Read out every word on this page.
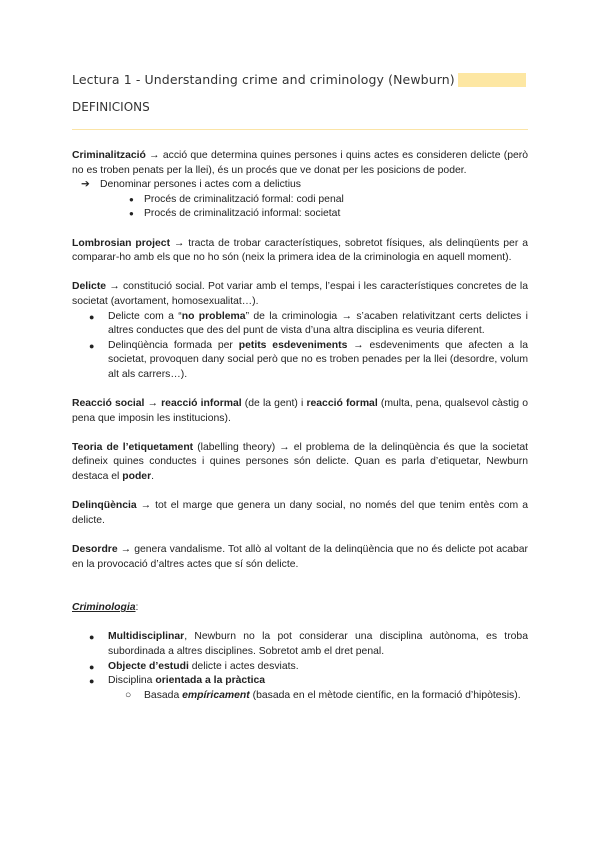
Lectura 1 - Understanding crime and criminology (Newburn)
DEFINICIONS

Criminalització → acció que determina quines persones i quins actes es consideren delicte (però no es troben penats per la llei), és un procés que ve donat per les posicions de poder.

➔ Denominar persones i actes com a delictius
● Procés de criminalització formal: codi penal
● Procés de criminalització informal: societat

Lombrosian project → tracta de trobar característiques, sobretot físiques, als delinqüents per a comparar-ho amb els que no ho són (neix la primera idea de la criminologia en aquell moment).

Delicte → constitució social. Pot variar amb el temps, l’espai i les característiques concretes de la societat (avortament, homosexualitat…).

●	Delicte com a “no problema” de la criminologia → s’acaben relativitzant certs delictes i altres conductes que des del punt de vista d’una altra disciplina es veuria diferent.
●	Delinqüència formada per petits esdeveniments → esdeveniments que afecten a la societat, provoquen dany social però que no es troben penades per la llei (desordre, volum alt als carrers…).

Reacció social → reacció informal (de la gent) i reacció formal (multa, pena, qualsevol càstig o pena que imposin les institucions).

Teoria de l’etiquetament (labelling theory) → el problema de la delinqüència és que la societat defineix quines conductes i quines persones són delicte. Quan es parla d’etiquetar, Newburn destaca el poder.

Delinqüència → tot el marge que genera un dany social, no només del que tenim entès com a delicte.

Desordre → genera vandalisme. Tot allò al voltant de la delinqüència que no és delicte pot acabar en la provocació d’altres actes que sí són delicte.

Criminologia:

●	Multidisciplinar, Newburn no la pot considerar una disciplina autònoma, es troba subordinada a altres disciplines. Sobretot amb el dret penal.
●	Objecte d’estudi delicte i actes desviats.
●	Disciplina orientada a la pràctica
○	Basada empíricament (basada en el mètode científic, en la formació d’hipòtesis).
